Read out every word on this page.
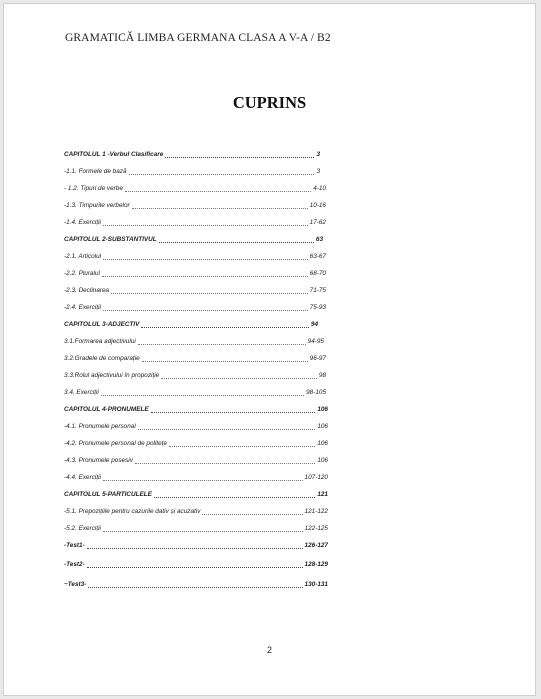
GRAMATICĂ LIMBA GERMANA CLASA A V-A / B2
CUPRINS
CAPITOLUL 1 -Verbul Clasificare	3
-1.1. Formele de bază	3
- 1.2. Tipuri de verbe	4-10
-1.3. Timpurile verbelor	10-16
-1.4. Exerciții	17-62
CAPITOLUL 2-SUBSTANTIVUL	63
-2.1. Articolul	63-67
-2.2. Pluralul	68-70
-2.3. Declinarea	71-75
-2.4. Exerciții	75-93
CAPITOLUL 3-ADJECTIV	94
3.1.Formarea adjectivului	94-95
3.2.Gradele de comparație	96-97
3.3.Rolul adjectivului în propoziție	98
3.4. Exerciții	98-105
CAPITOLUL 4-PRONUMELE	106
-4.1. Pronumele personal	106
-4.2. Pronumele personal de politețe	106
-4.3. Pronumele posesiv	106
-4.4. Exerciții	107-120
CAPITOLUL 5-PARTICULELE	121
-5.1. Prepozițiile pentru cazurile dativ și acuzativ	121-122
-5.2. Exerciții	122-125
-Test1-	126-127
-Test2-	128-129
~Test3-	130-131
2
